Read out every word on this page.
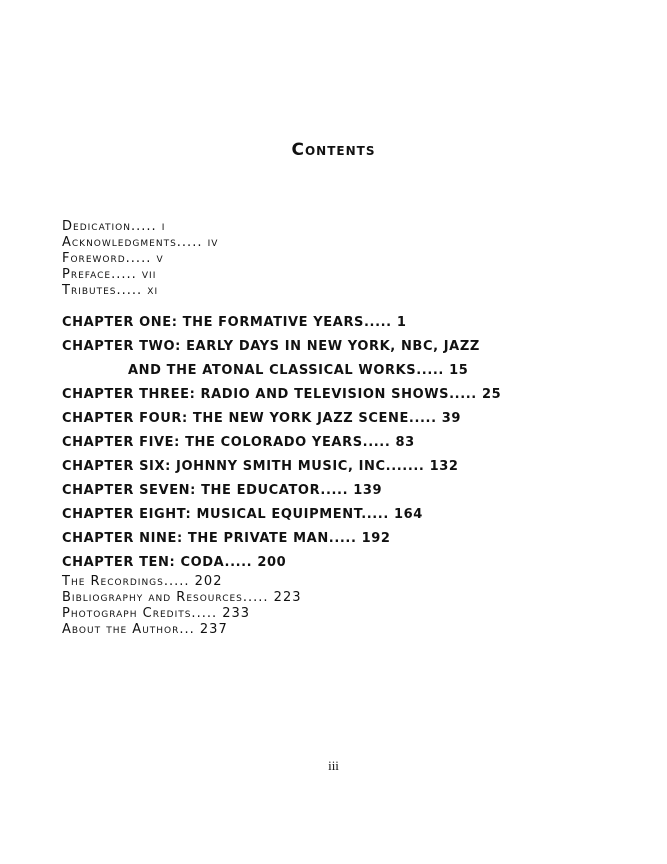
Contents
Dedication..... i
Acknowledgments..... iv
Foreword..... v
Preface..... vii
Tributes..... xi
CHAPTER ONE: THE FORMATIVE YEARS..... 1
CHAPTER TWO: EARLY DAYS IN NEW YORK, NBC, JAZZ
AND THE ATONAL CLASSICAL WORKS..... 15
CHAPTER THREE: RADIO AND TELEVISION SHOWS..... 25
CHAPTER FOUR: THE NEW YORK JAZZ SCENE..... 39
CHAPTER FIVE: THE COLORADO YEARS..... 83
CHAPTER SIX: JOHNNY SMITH MUSIC, INC....... 132
CHAPTER SEVEN: THE EDUCATOR..... 139
CHAPTER EIGHT: MUSICAL EQUIPMENT..... 164
CHAPTER NINE: THE PRIVATE MAN..... 192
CHAPTER TEN: CODA..... 200
The Recordings..... 202
Bibliography and Resources..... 223
Photograph Credits..... 233
About the Author... 237
iii
